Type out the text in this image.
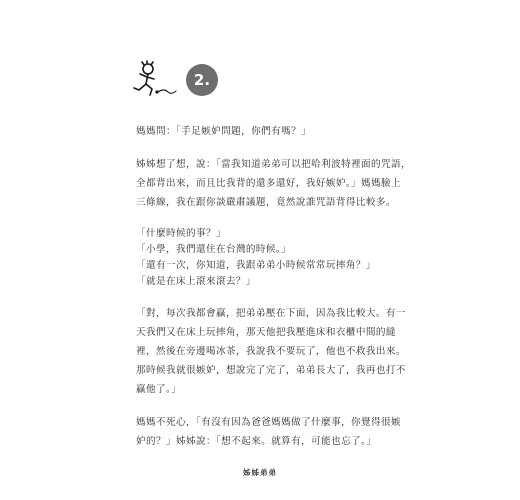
2.

媽媽問：「手足嫉妒問題，你們有嗎？」

姊姊想了想，說：「當我知道弟弟可以把哈利波特裡面的咒語，
全都背出來，而且比我背的還多還好，我好嫉妒。」媽媽臉上
三條線，我在跟你談嚴肅議題，竟然說誰咒語背得比較多。

「什麼時候的事？」
「小學，我們還住在台灣的時候。」
「還有一次，你知道，我跟弟弟小時候常常玩摔角？」
「就是在床上滾來滾去？」

「對，每次我都會贏，把弟弟壓在下面，因為我比較大。有一
天我們又在床上玩摔角，那天他把我壓進床和衣櫃中間的縫
裡，然後在旁邊喝冰茶，我說我不要玩了，他也不救我出來。
那時候我就很嫉妒，想說完了完了，弟弟長大了，我再也打不
贏他了。」

媽媽不死心，「有沒有因為爸爸媽媽做了什麼事，你覺得很嫉
妒的？」姊姊說：「想不起來。就算有，可能也忘了。」

姊姊弟弟
